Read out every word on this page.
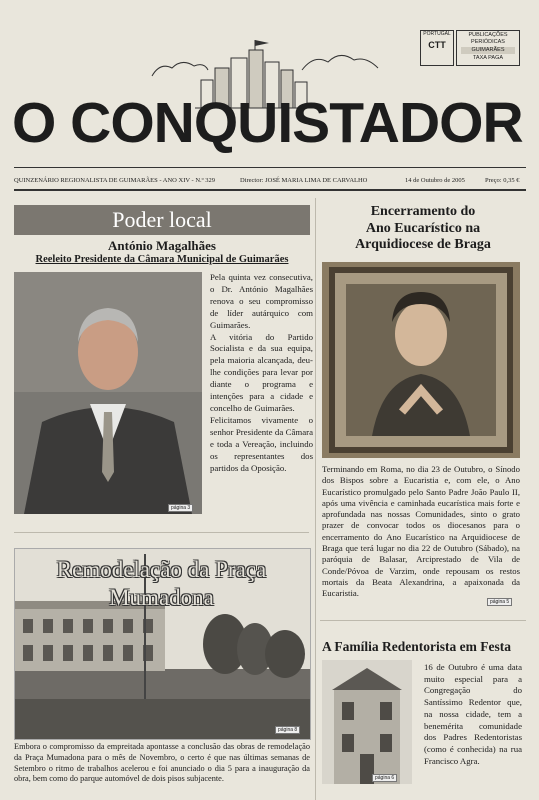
PORTUGAL
CTT
PUBLICAÇÕES
PERIÓDICAS
GUIMARÃES
TAXA PAGA
O CONQUISTADOR
QUINZENÁRIO REGIONALISTA DE GUIMARÃES - ANO XIV - N.º 329	Director: JOSÉ MARIA LIMA DE CARVALHO	14 de Outubro de 2005	Preço: 0,35 €
Poder local
António Magalhães
Reeleito Presidente da Câmara Municipal de Guimarães
Pela quinta vez consecutiva, o Dr. António Magalhães renova o seu compromisso de líder autárquico com Guimarães.
A vitória do Partido Socialista e da sua equipa, pela maioria alcançada, deu-lhe condições para levar por diante o programa e intenções para a cidade e concelho de Guimarães.
Felicitamos vivamente o senhor Presidente da Câmara e toda a Vereação, incluindo os representantes dos partidos da Oposição.
página 3
Remodelação da Praça
Mumadona
página 8
Embora o compromisso da empreitada apontasse a conclusão das obras de remodelação da Praça Mumadona para o mês de Novembro, o certo é que nas últimas semanas de Setembro o ritmo de trabalhos acelerou e foi anunciado o dia 5 para a inauguração da obra, bem como do parque automóvel de dois pisos subjacente.
Encerramento do
Ano Eucarístico na
Arquidiocese de Braga
Terminando em Roma, no dia 23 de Outubro, o Sínodo dos Bispos sobre a Eucaristia e, com ele, o Ano Eucarístico promulgado pelo Santo Padre João Paulo II, após uma vivência e caminhada eucarística mais forte e aprofundada nas nossas Comunidades, sinto o grato prazer de convocar todos os diocesanos para o encerramento do Ano Eucarístico na Arquidiocese de Braga que terá lugar no dia 22 de Outubro (Sábado), na paróquia de Balasar, Arciprestado de Vila de Conde/Póvoa de Varzim, onde repousam os restos mortais da Beata Alexandrina, a apaixonada da Eucaristia.
página 5
A Família Redentorista em Festa
página 6
16 de Outubro é uma data muito especial para a Congregação do Santíssimo Redentor que, na nossa cidade, tem a benemérita comunidade dos Padres Redentoristas (como é conhecida) na rua Francisco Agra.
